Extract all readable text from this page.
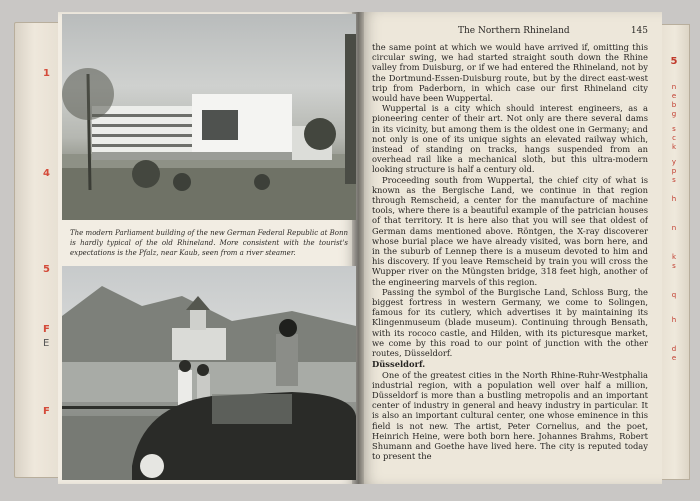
1
4
5
F
E
F
5
n
e
b
g
s
c
k
y
p
s
h
n
k
s
q
h
d
e
The modern Parliament building of the new German Federal Republic at Bonn is hardly typical of the old Rhineland. More consistent with the tourist's expectations is the Pfalz, near Kaub, seen from a river steamer.
The Northern Rhineland	145

the same point at which we would have arrived if, omitting this circular swing, we had started straight south down the Rhine valley from Duisburg, or if we had entered the Rhineland, not by the Dortmund-Essen-Duisburg route, but by the direct east-west trip from Paderborn, in which case our first Rhineland city would have been Wuppertal.

Wuppertal is a city which should interest engineers, as a pioneering center of their art. Not only are there several dams in its vicinity, but among them is the oldest one in Germany; and not only is one of its unique sights an elevated railway which, instead of standing on tracks, hangs suspended from an overhead rail like a mechanical sloth, but this ultra-modern looking structure is half a century old.

Proceeding south from Wuppertal, the chief city of what is known as the Bergische Land, we continue in that region through Remscheid, a center for the manufacture of machine tools, where there is a beautiful example of the patrician houses of that territory. It is here also that you will see that oldest of German dams mentioned above. Röntgen, the X-ray discoverer whose burial place we have already visited, was born here, and in the suburb of Lennep there is a museum devoted to him and his discovery. If you leave Remscheid by train you will cross the Wupper river on the Müngsten bridge, 318 feet high, another of the engineering marvels of this region.

Passing the symbol of the Burgische Land, Schloss Burg, the biggest fortress in western Germany, we come to Solingen, famous for its cutlery, which advertises it by maintaining its Klingenmuseum (blade museum). Continuing through Bensath, with its rococo castle, and Hilden, with its picturesque market, we come by this road to our point of junction with the other routes, Düsseldorf.

Düsseldorf.

One of the greatest cities in the North Rhine-Ruhr-Westphalia industrial region, with a population well over half a million, Düsseldorf is more than a bustling metropolis and an important center of industry in general and heavy industry in particular. It is also an important cultural center, one whose eminence in this field is not new. The artist, Peter Cornelius, and the poet, Heinrich Heine, were both born here. Johannes Brahms, Robert Shumann and Goethe have lived here. The city is reputed today to present the
